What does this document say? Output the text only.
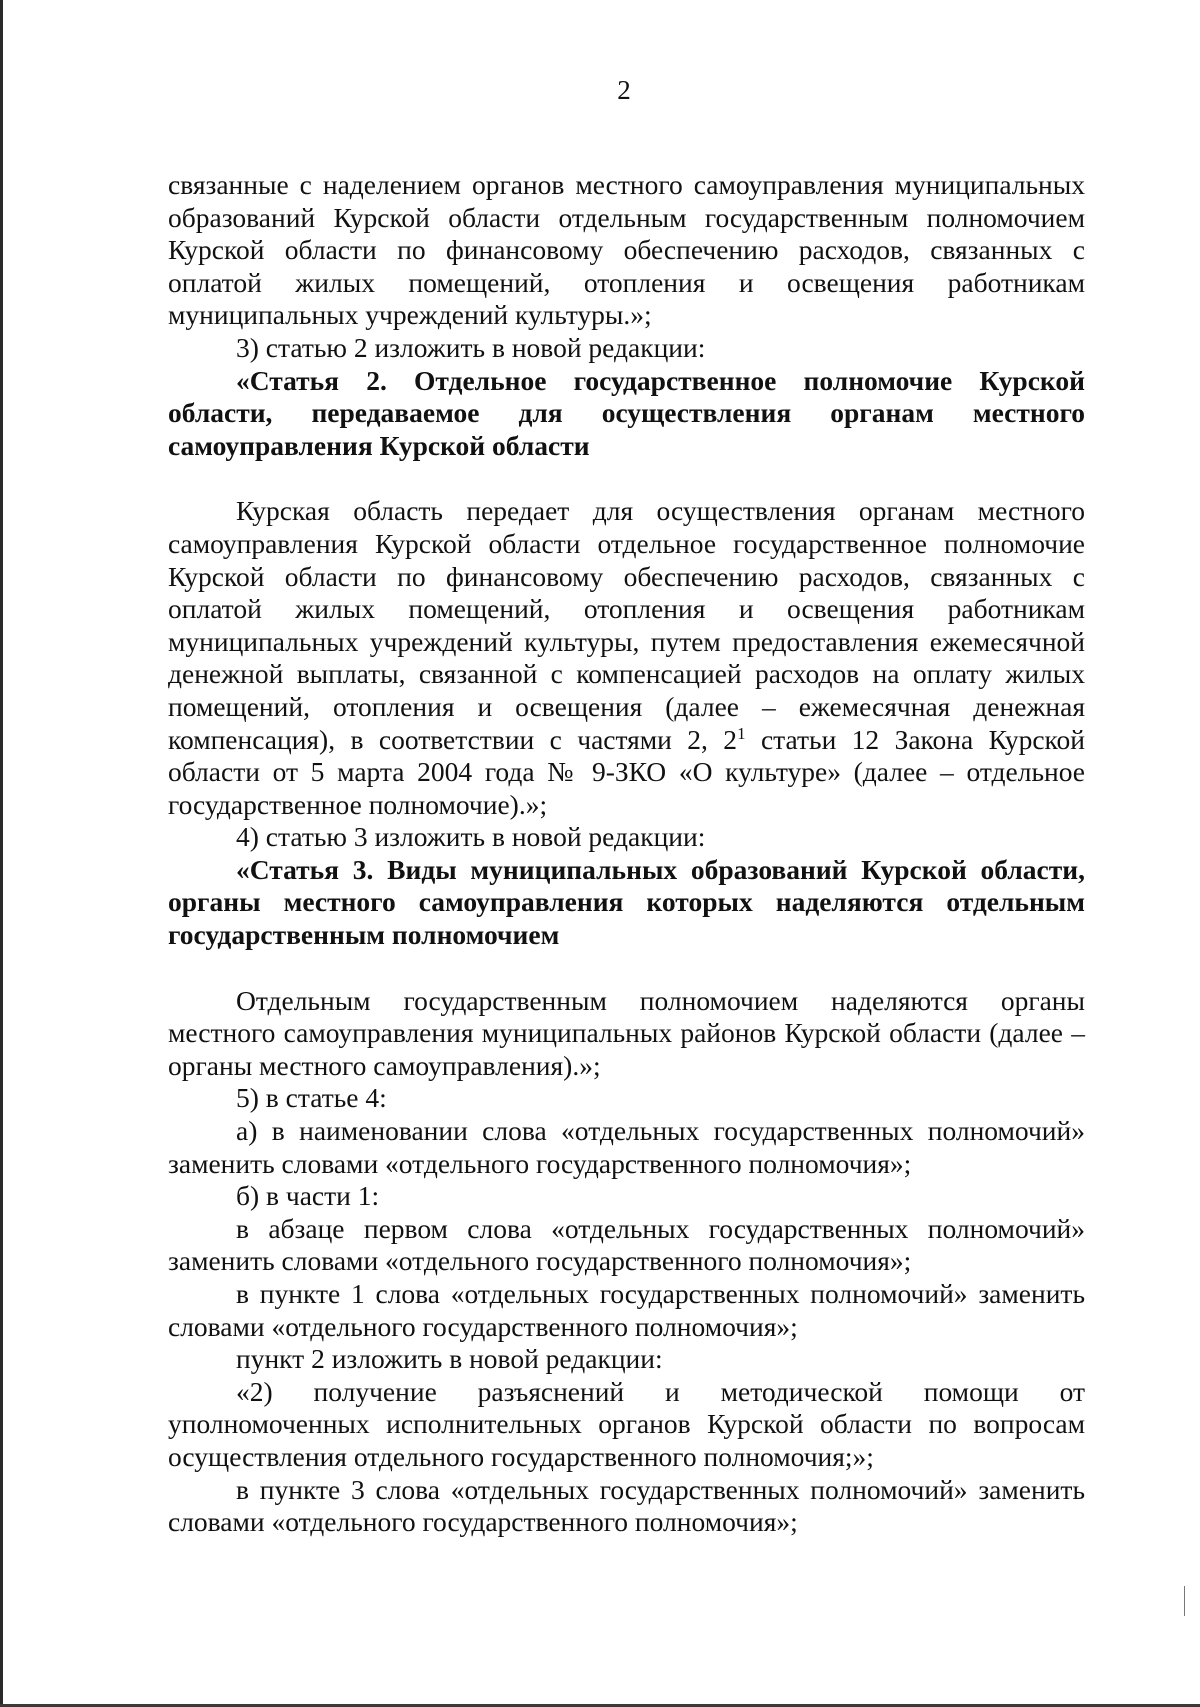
2

связанные с наделением органов местного самоуправления муниципальных образований Курской области отдельным государственным полномочием Курской области по финансовому обеспечению расходов, связанных с оплатой жилых помещений, отопления и освещения работникам муниципальных учреждений культуры.»;

3) статью 2 изложить в новой редакции:

«Статья 2. Отдельное государственное полномочие Курской области, передаваемое для осуществления органам местного самоуправления Курской области

Курская область передает для осуществления органам местного самоуправления Курской области отдельное государственное полномочие Курской области по финансовому обеспечению расходов, связанных с оплатой жилых помещений, отопления и освещения работникам муниципальных учреждений культуры, путем предоставления ежемесячной денежной выплаты, связанной с компенсацией расходов на оплату жилых помещений, отопления и освещения (далее – ежемесячная денежная компенсация), в соответствии с частями 2, $2^1$ статьи 12 Закона Курской области от 5 марта 2004 года № 9-ЗКО «О культуре» (далее – отдельное государственное полномочие).»;

4) статью 3 изложить в новой редакции:

«Статья 3. Виды муниципальных образований Курской области, органы местного самоуправления которых наделяются отдельным государственным полномочием

Отдельным государственным полномочием наделяются органы местного самоуправления муниципальных районов Курской области (далее – органы местного самоуправления).»;

5) в статье 4:

а) в наименовании слова «отдельных государственных полномочий» заменить словами «отдельного государственного полномочия»;

б) в части 1:

в абзаце первом слова «отдельных государственных полномочий» заменить словами «отдельного государственного полномочия»;

в пункте 1 слова «отдельных государственных полномочий» заменить словами «отдельного государственного полномочия»;

пункт 2 изложить в новой редакции:

«2) получение разъяснений и методической помощи от уполномоченных исполнительных органов Курской области по вопросам осуществления отдельного государственного полномочия;»;

в пункте 3 слова «отдельных государственных полномочий» заменить словами «отдельного государственного полномочия»;
